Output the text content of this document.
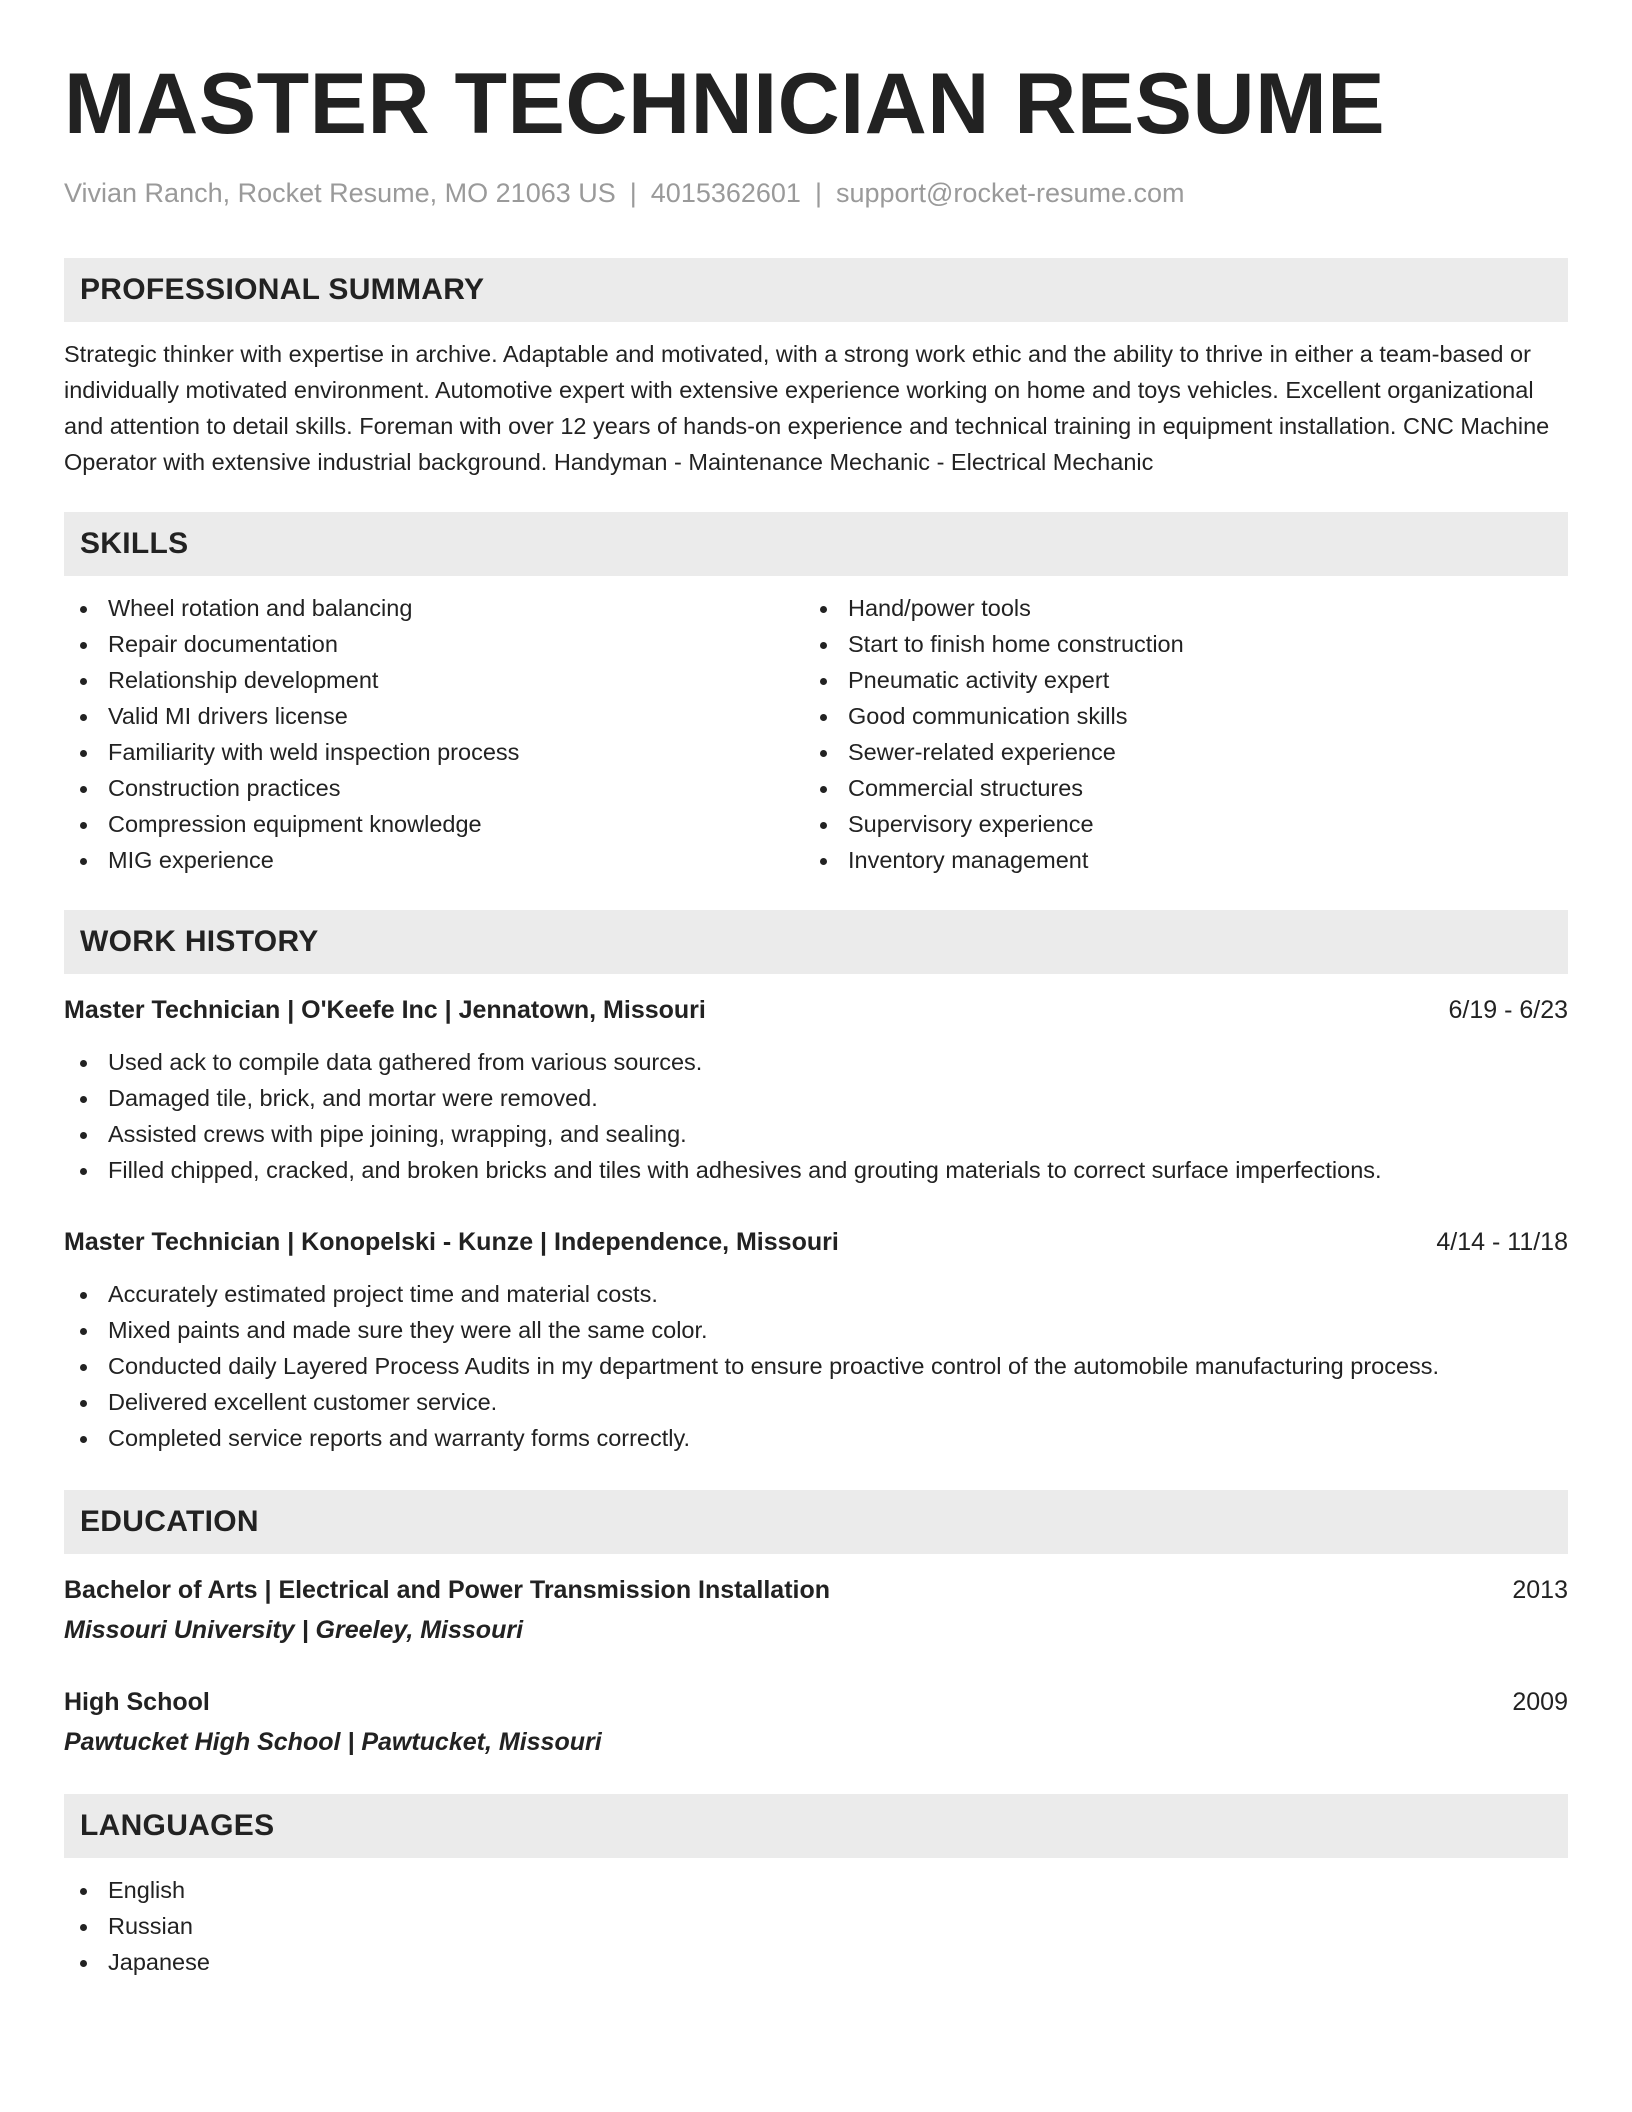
MASTER TECHNICIAN RESUME
Vivian Ranch, Rocket Resume, MO 21063 US | 4015362601 | support@rocket-resume.com
PROFESSIONAL SUMMARY

Strategic thinker with expertise in archive. Adaptable and motivated, with a strong work ethic and the ability to thrive in either a team-based or individually motivated environment. Automotive expert with extensive experience working on home and toys vehicles. Excellent organizational and attention to detail skills. Foreman with over 12 years of hands-on experience and technical training in equipment installation. CNC Machine Operator with extensive industrial background. Handyman - Maintenance Mechanic - Electrical Mechanic

SKILLS
Wheel rotation and balancing
Repair documentation
Relationship development
Valid MI drivers license
Familiarity with weld inspection process
Construction practices
Compression equipment knowledge
MIG experience
Hand/power tools
Start to finish home construction
Pneumatic activity expert
Good communication skills
Sewer-related experience
Commercial structures
Supervisory experience
Inventory management
WORK HISTORY
Master Technician | O'Keefe Inc | Jennatown, Missouri	6/19 - 6/23
Used ack to compile data gathered from various sources.
Damaged tile, brick, and mortar were removed.
Assisted crews with pipe joining, wrapping, and sealing.
Filled chipped, cracked, and broken bricks and tiles with adhesives and grouting materials to correct surface imperfections.
Master Technician | Konopelski - Kunze | Independence, Missouri	4/14 - 11/18
Accurately estimated project time and material costs.
Mixed paints and made sure they were all the same color.
Conducted daily Layered Process Audits in my department to ensure proactive control of the automobile manufacturing process.
Delivered excellent customer service.
Completed service reports and warranty forms correctly.
EDUCATION
Bachelor of Arts | Electrical and Power Transmission Installation	2013
Missouri University | Greeley, Missouri
High School	2009
Pawtucket High School | Pawtucket, Missouri
LANGUAGES
English
Russian
Japanese
